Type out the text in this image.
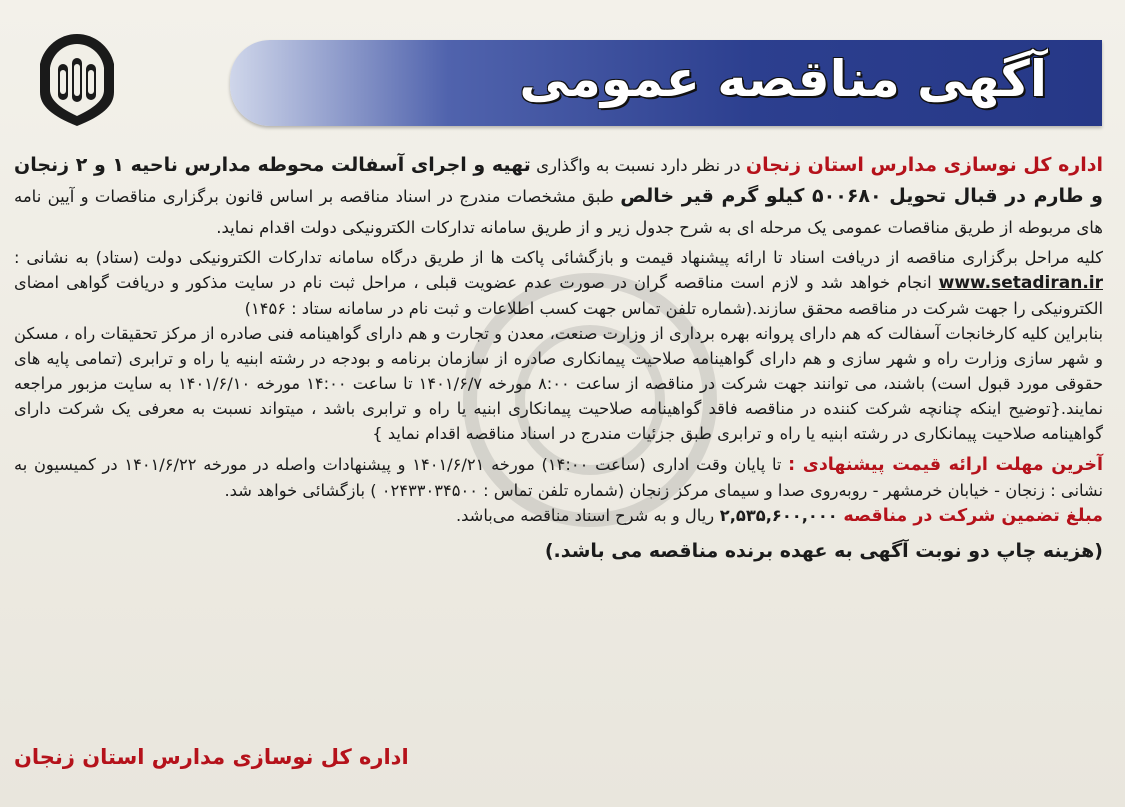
آگهی مناقصه عمومی
اداره کل نوسازی مدارس استان زنجان در نظر دارد نسبت به واگذاری تهیه و اجرای آسفالت محوطه مدارس ناحیه ۱ و ۲ زنجان و طارم در قبال تحویل ۵۰۰۶۸۰ کیلو گرم قیر خالص طبق مشخصات مندرج در اسناد مناقصه بر اساس قانون برگزاری مناقصات و آیین نامه های مربوطه از طریق مناقصات عمومی یک مرحله ای به شرح جدول زیر و از طریق سامانه تدارکات الکترونیکی دولت اقدام نماید.
کلیه مراحل برگزاری مناقصه از دریافت اسناد تا ارائه پیشنهاد قیمت و بازگشائی پاکت ها از طریق درگاه سامانه تدارکات الکترونیکی دولت (ستاد) به نشانی : www.setadiran.ir انجام خواهد شد و لازم است مناقصه گران در صورت عدم عضویت قبلی ، مراحل ثبت نام در سایت مذکور و دریافت گواهی امضای الکترونیکی را جهت شرکت در مناقصه محقق سازند.(شماره تلفن تماس جهت کسب اطلاعات و ثبت نام در سامانه ستاد : ۱۴۵۶)
بنابراین کلیه کارخانجات آسفالت که هم دارای پروانه بهره برداری از وزارت صنعت، معدن و تجارت و هم دارای گواهینامه فنی صادره از مرکز تحقیقات راه ، مسکن و شهر سازی وزارت راه و شهر سازی و هم دارای گواهینامه صلاحیت پیمانکاری صادره از سازمان برنامه و بودجه در رشته ابنیه یا راه و ترابری (تمامی پایه های حقوقی مورد قبول است) باشند، می توانند جهت شرکت در مناقصه از ساعت ۸:۰۰ مورخه ۱۴۰۱/۶/۷ تا ساعت ۱۴:۰۰ مورخه ۱۴۰۱/۶/۱۰ به سایت مزبور مراجعه نمایند.{توضیح اینکه چنانچه شرکت کننده در مناقصه فاقد گواهینامه صلاحیت پیمانکاری ابنیه یا راه و ترابری باشد ، میتواند نسبت به معرفی یک شرکت دارای گواهینامه صلاحیت پیمانکاری در رشته ابنیه یا راه و ترابری طبق جزئیات مندرج در اسناد مناقصه اقدام نماید }
آخرین مهلت ارائه قیمت پیشنهادی : تا پایان وقت اداری (ساعت ۱۴:۰۰) مورخه ۱۴۰۱/۶/۲۱ و پیشنهادات واصله در مورخه ۱۴۰۱/۶/۲۲ در کمیسیون به نشانی : زنجان - خیابان خرمشهر - روبه‌روی صدا و سیمای مرکز زنجان (شماره تلفن تماس : ۰۲۴۳۳۰۳۴۵۰۰ ) بازگشائی خواهد شد.
مبلغ تضمین شرکت در مناقصه ۲,۵۳۵,۶۰۰,۰۰۰ ریال و به شرح اسناد مناقصه می‌باشد.
(هزینه چاپ دو نوبت آگهی به عهده برنده مناقصه می باشد.)
اداره کل نوسازی مدارس استان زنجان
